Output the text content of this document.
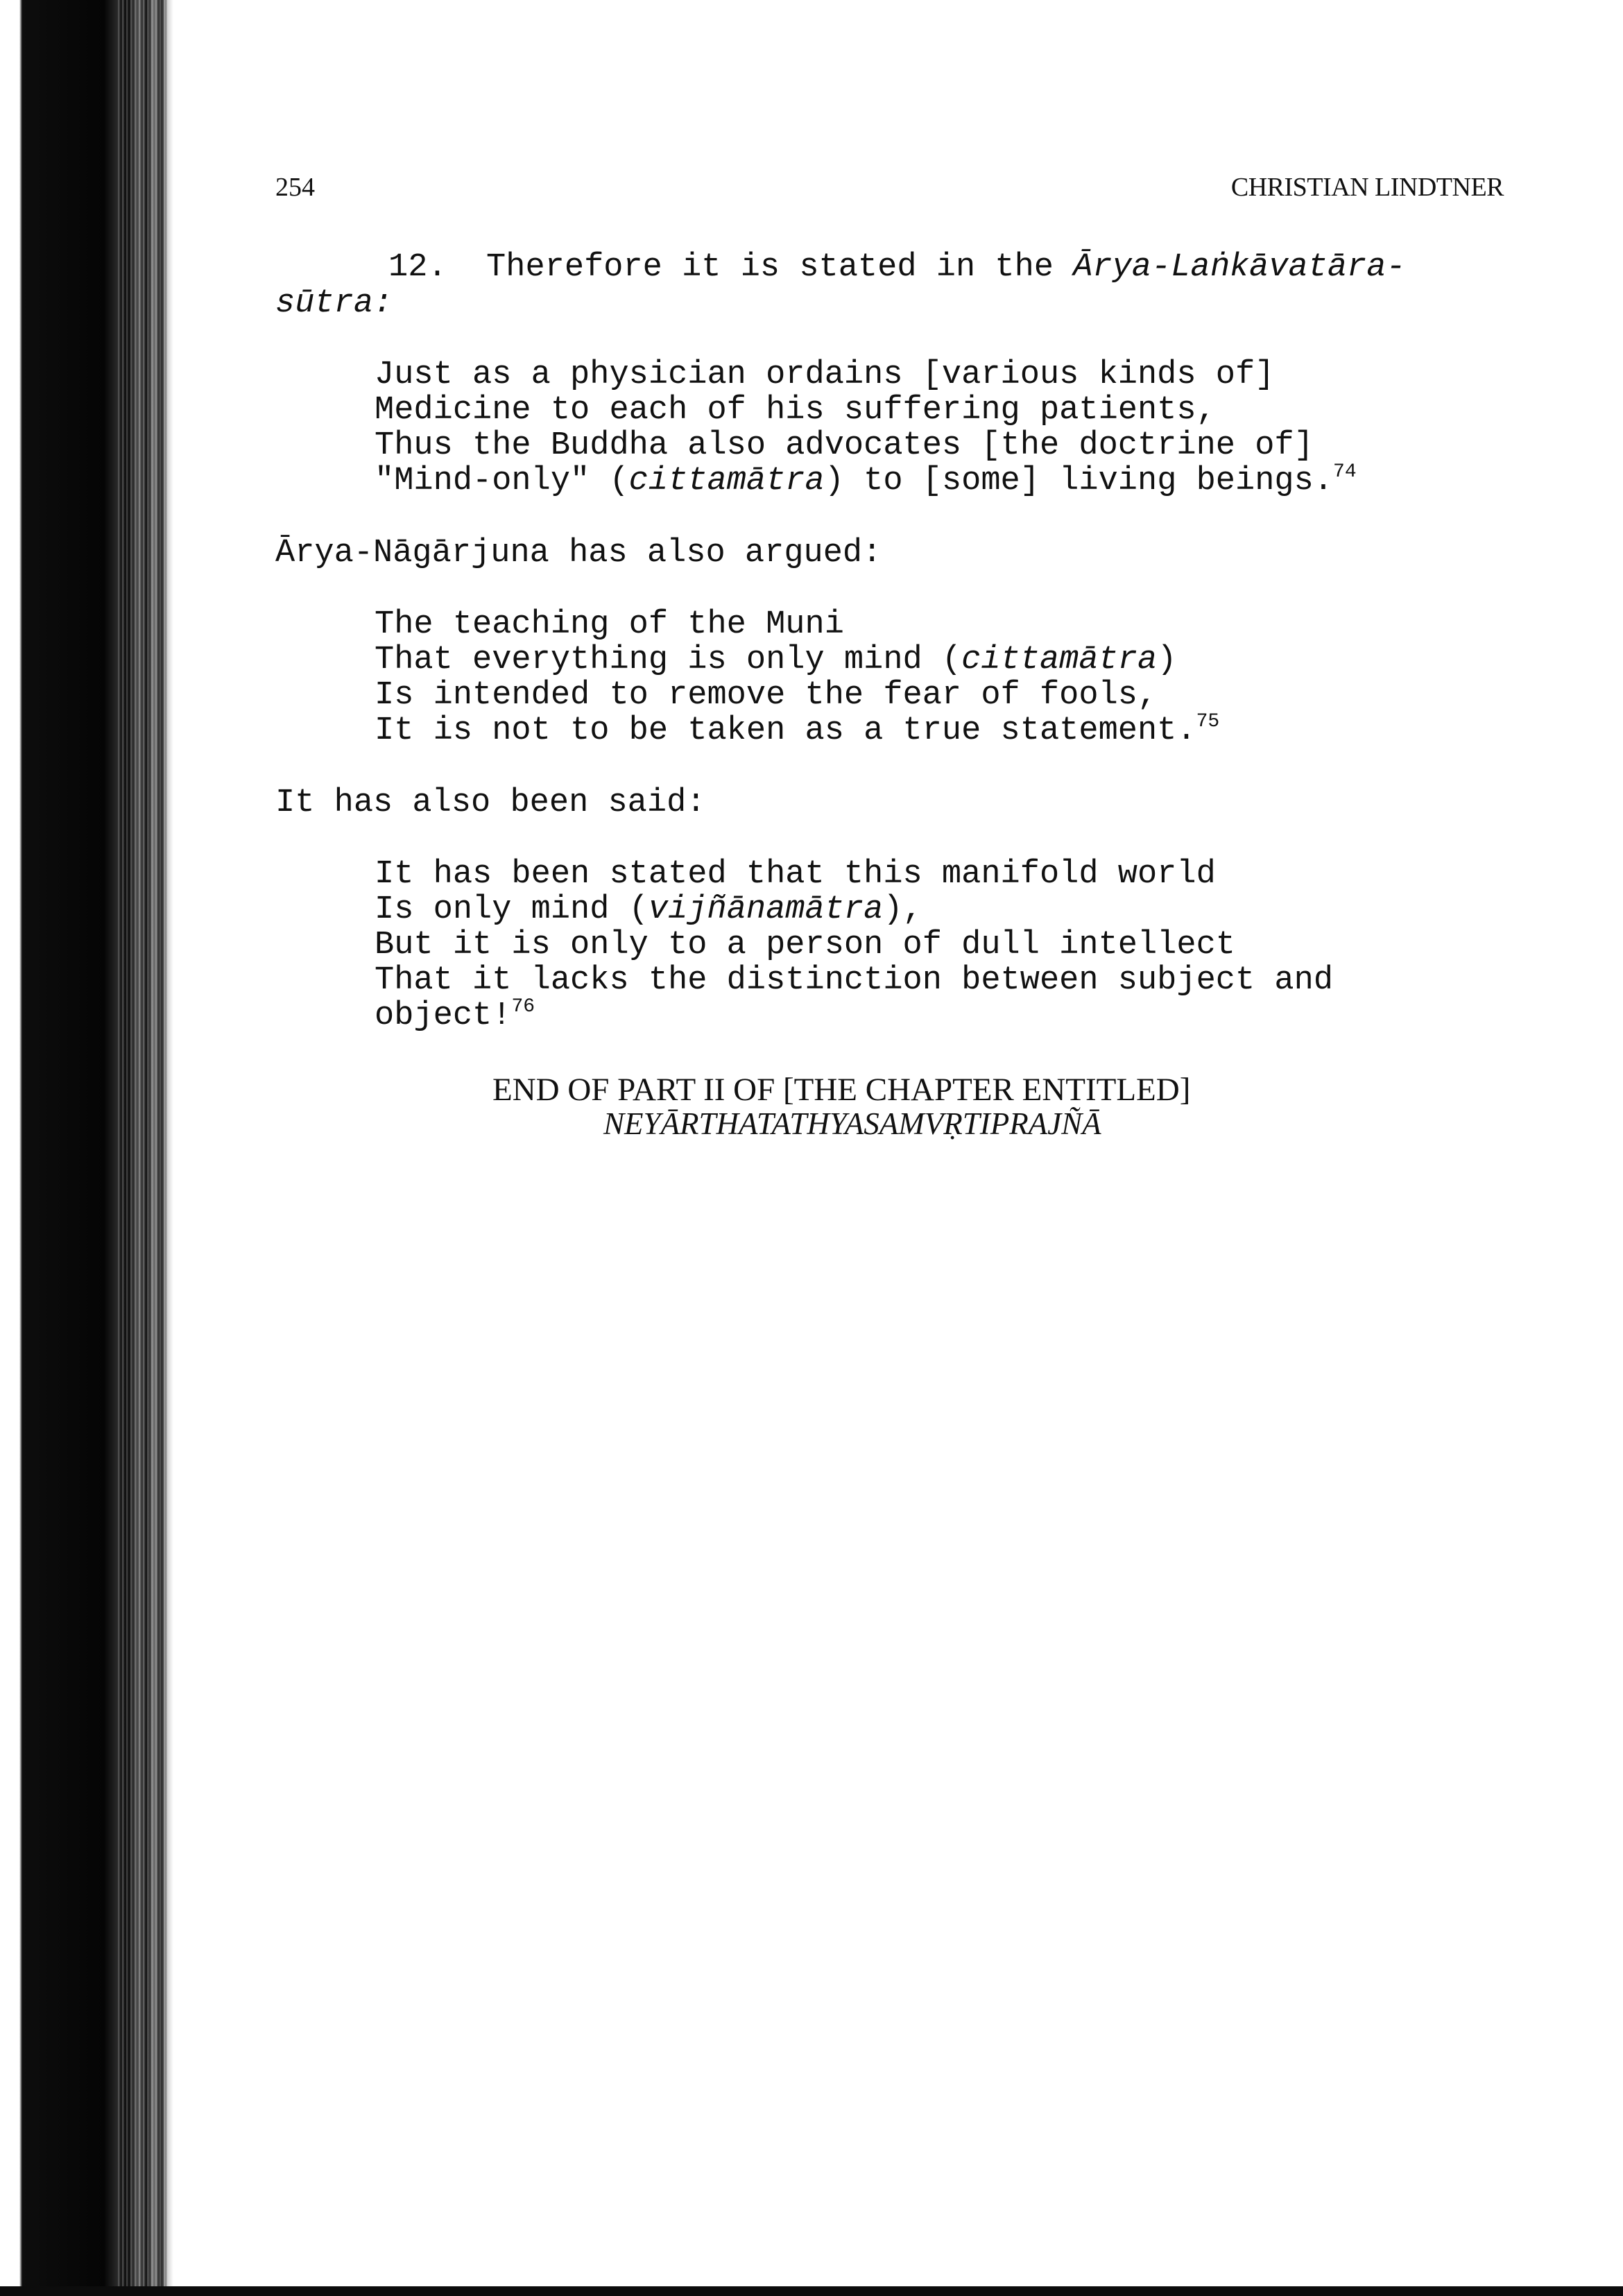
254	CHRISTIAN LINDTNER
12. Therefore it is stated in the Ārya-Laṅkāvatāra-
sūtra:
Just as a physician ordains [various kinds of]
Medicine to each of his suffering patients,
Thus the Buddha also advocates [the doctrine of]
"Mind-only" (cittamātra) to [some] living beings.$^{74}$
Ārya-Nāgārjuna has also argued:
The teaching of the Muni
That everything is only mind (cittamātra)
Is intended to remove the fear of fools,
It is not to be taken as a true statement.$^{75}$
It has also been said:
It has been stated that this manifold world
Is only mind (vijñānamātra),
But it is only to a person of dull intellect
That it lacks the distinction between subject and
object!$^{76}$
END OF PART II OF [THE CHAPTER ENTITLED]
NEYĀRTHATATHYASAMVṚTIPRAJÑĀ
